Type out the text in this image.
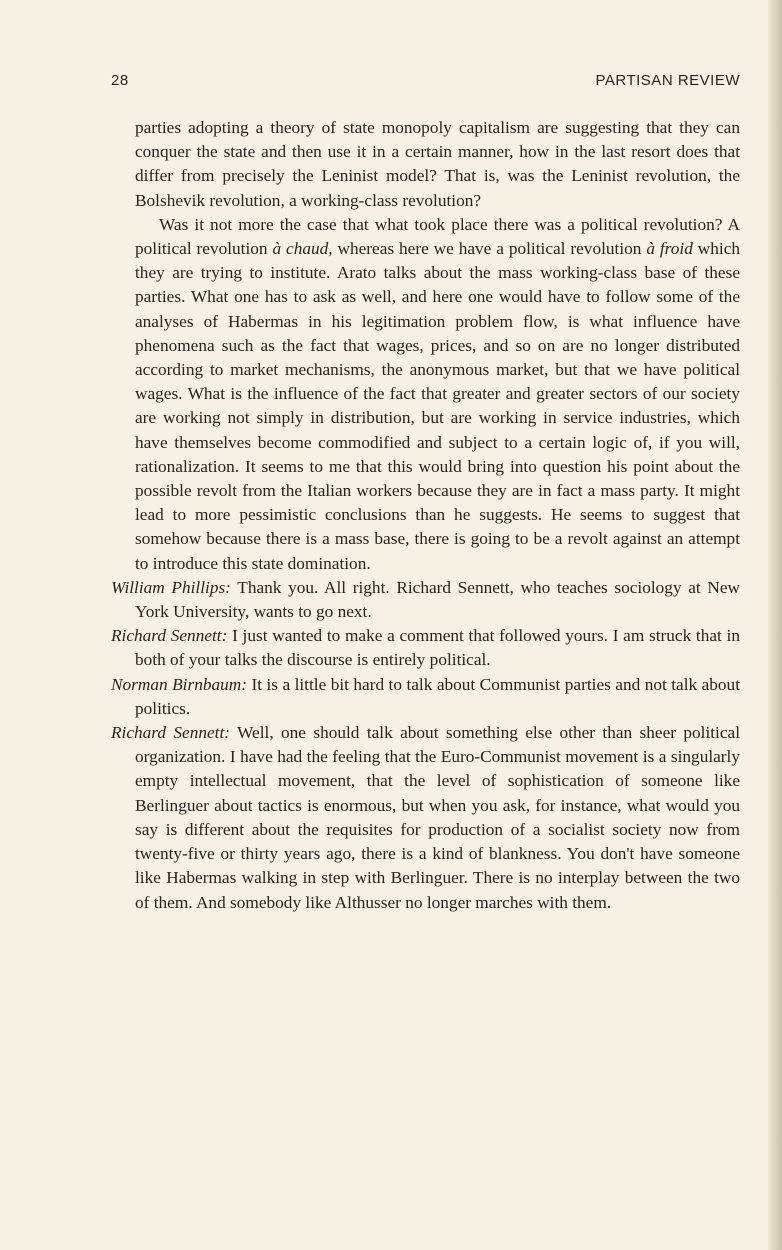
28	PARTISAN REVIEW

parties adopting a theory of state monopoly capitalism are suggesting that they can conquer the state and then use it in a certain manner, how in the last resort does that differ from precisely the Leninist model? That is, was the Leninist revolution, the Bolshevik revolution, a working-class revolution?

Was it not more the case that what took place there was a political revolution? A political revolution à chaud, whereas here we have a political revolution à froid which they are trying to institute. Arato talks about the mass working-class base of these parties. What one has to ask as well, and here one would have to follow some of the analyses of Habermas in his legitimation problem flow, is what influence have phenomena such as the fact that wages, prices, and so on are no longer distributed according to market mechanisms, the anonymous market, but that we have political wages. What is the influence of the fact that greater and greater sectors of our society are working not simply in distribution, but are working in service industries, which have themselves become commodified and subject to a certain logic of, if you will, rationalization. It seems to me that this would bring into question his point about the possible revolt from the Italian workers because they are in fact a mass party. It might lead to more pessimistic conclusions than he suggests. He seems to suggest that somehow because there is a mass base, there is going to be a revolt against an attempt to introduce this state domination.

William Phillips: Thank you. All right. Richard Sennett, who teaches sociology at New York University, wants to go next.

Richard Sennett: I just wanted to make a comment that followed yours. I am struck that in both of your talks the discourse is entirely political.

Norman Birnbaum: It is a little bit hard to talk about Communist parties and not talk about politics.

Richard Sennett: Well, one should talk about something else other than sheer political organization. I have had the feeling that the Euro-Communist movement is a singularly empty intellectual movement, that the level of sophistication of someone like Berlinguer about tactics is enormous, but when you ask, for instance, what would you say is different about the requisites for production of a socialist society now from twenty-five or thirty years ago, there is a kind of blankness. You don't have someone like Habermas walking in step with Berlinguer. There is no interplay between the two of them. And somebody like Althusser no longer marches with them.
